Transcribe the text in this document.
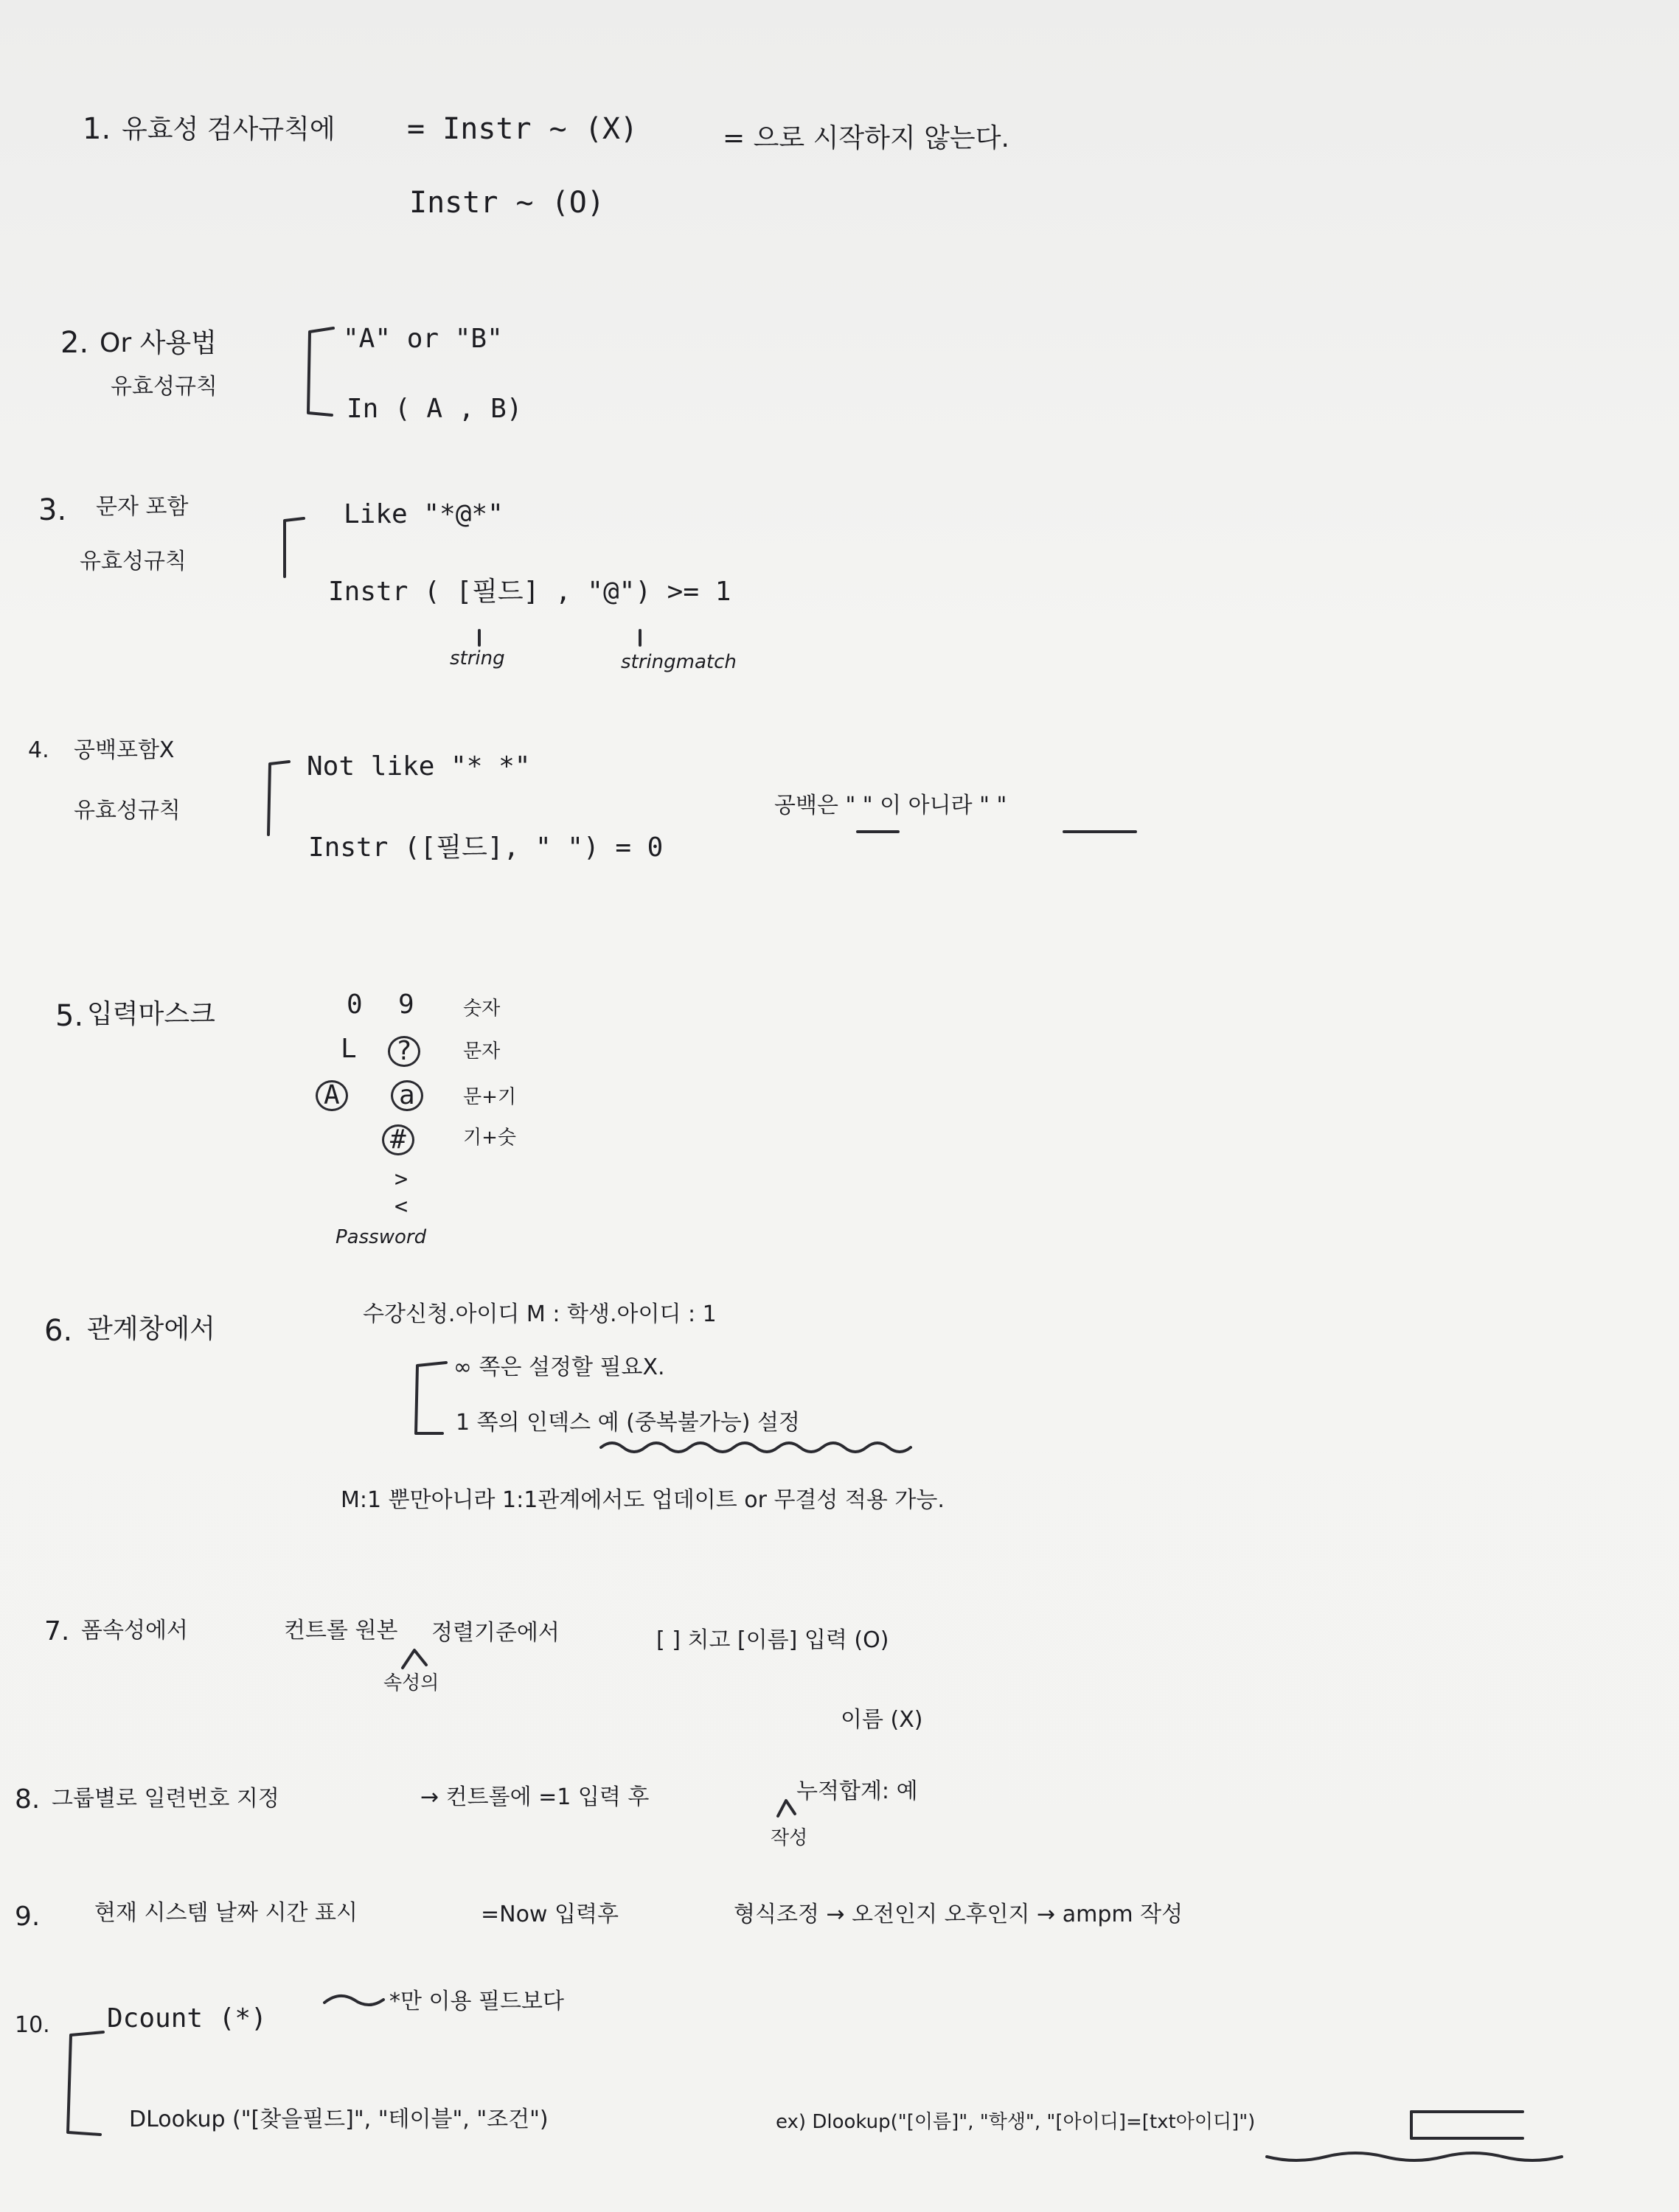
1. 유효성 검사규칙에 = Instr ~ (X)
Instr ~ (O)
= 으로 시작하지 않는다.
2. Or 사용법
유효성규칙
"A" or "B"
In ( A , B)
3. 문자 포함
유효성규칙
Like "*@*"
Instr ( [필드] , "@") >= 1
string	stringmatch
4. 공백포함X
유효성규칙
Not like "* *"
Instr ([필드], " ") = 0
공백은 " " 이 아니라 " "
5. 입력마스크	0 9	숫자
L	?	문자
A	a	문+기
#	기+숫
>
<
Password
6. 관계창에서	수강신청.아이디 M : 학생.아이디 : 1
∞ 쪽은 설정할 필요X.
1 쪽의 인덱스 예 (중복불가능) 설정
M:1 뿐만아니라 1:1관계에서도 업데이트 or 무결성 적용 가능.
7. 폼속성에서	컨트롤 원본 정렬기준에서
속성의
[ ] 치고 [이름] 입력 (O)
이름 (X)
8. 그룹별로 일련번호 지정	→ 컨트롤에 =1 입력 후	누적합계: 예
작성
9. 현재 시스템 날짜 시간 표시	=Now 입력후	형식조정 → 오전인지 오후인지 → ampm 작성
10. Dcount (*)
*만 이용 필드보다
DLookup ("[찾을필드]", "테이블", "조건")	ex) Dlookup("[이름]", "학생", "[아이디]=[txt아이디]")
